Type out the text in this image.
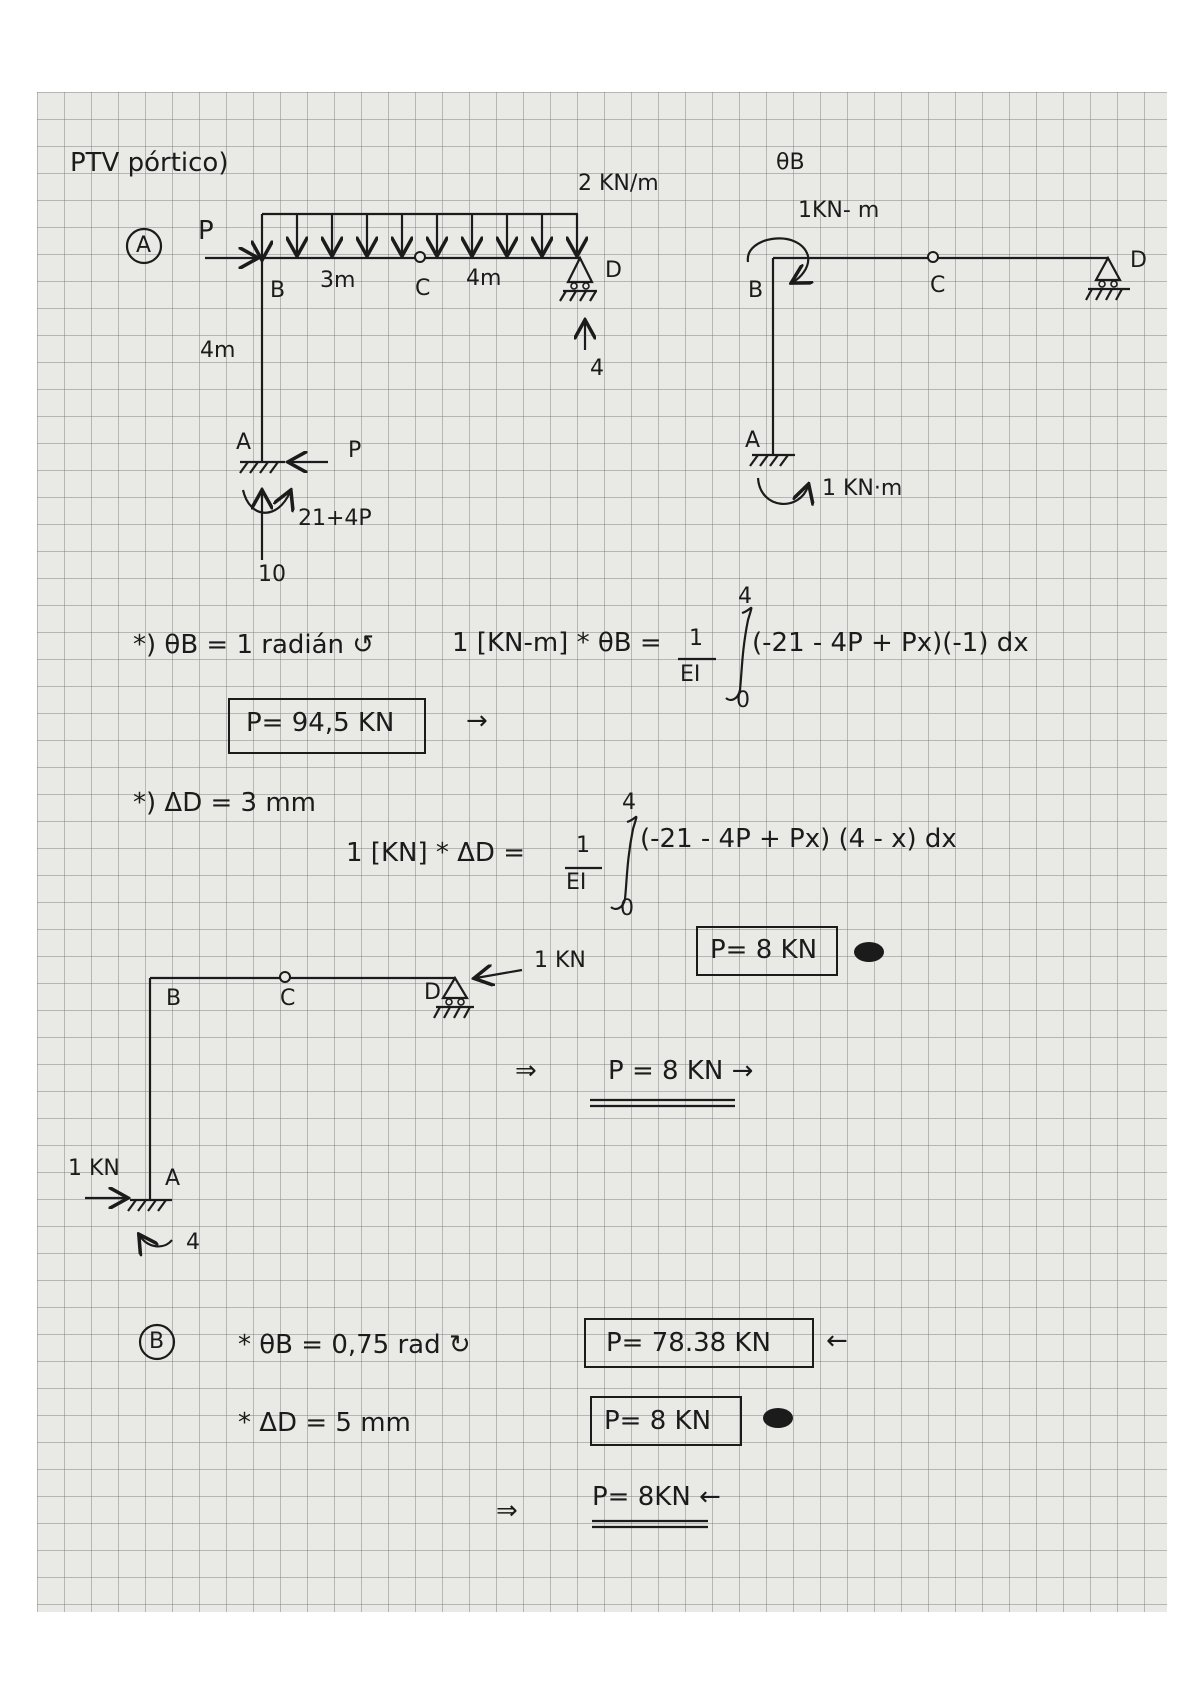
PTV pórtico)
A P
2 KN/m
B 3m	C 4m	D
4
4m
A	P
21+4P
10
θB
1KN- m
B	C
D
A
1 KN·m
*) θB = 1 radián ↺	1 [KN-m] * θB = 1
EI
4
0
(-21 - 4P + Px)(-1) dx
P= 94,5 KN	→
*) ΔD = 3 mm
1 [KN] * ΔD = 1
EI
4
0
(-21 - 4P + Px) (4 - x) dx
P= 8 KN
1 KN
B	C	D
A
1 KN
4
⇒	P = 8 KN →
B	* θB = 0,75 rad ↻	P= 78.38 KN ←
* ΔD = 5 mm	P= 8 KN
⇒	P= 8KN ←
